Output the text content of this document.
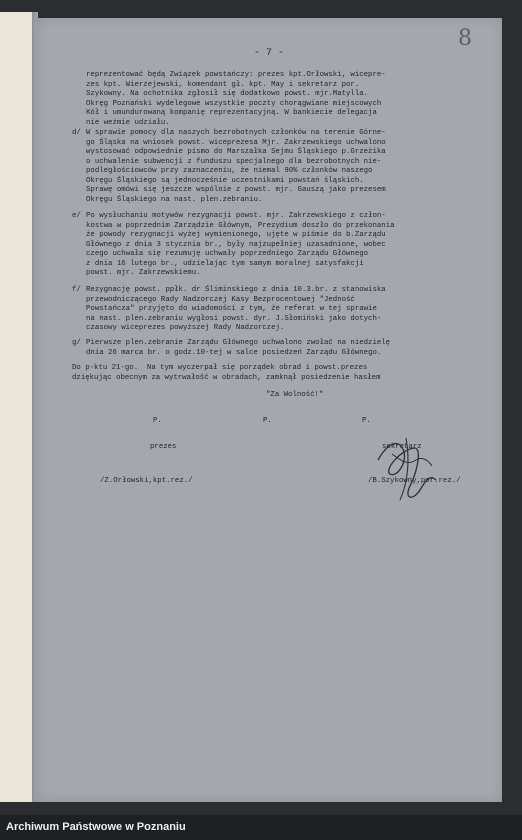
- 7 -
8
reprezentować będą Związek powstańczy: prezes kpt.Orłowski, wicepre-
zes kpt. Wierzejewski, komendant gł. kpt. May i sekretarz por.
Szykowny. Na ochotnika zgłosił się dodatkowo powst. mjr.Matylla.
Okręg Poznański wydelegowe wszystkie poczty chorągwiane miejscowych
Kół i umundurowaną kompanię reprezentacyjną. W bankiecie delegacja
nie weźmie udziału.
d/ W sprawie pomocy dla naszych bezrobotnych członków na terenie Górne-
go Śląska na wniosek powst. wiceprezesa Mjr. Zakrzewskiego uchwalono
wystosować odpowiednie pismo do Marszałka Sejmu Śląskiego p.Grzeżika
o uchwalenie subwencji z funduszu specjalnego dla bezrobotnych nie-
podległościowców przy zaznaczeniu, że niemal 90% członków naszego
Okręgu Śląskiego są jednocześnie uczestnikami powstań śląskich.
Sprawę omówi się jeszcze wspólnie z powst. mjr. Gauszą jako prezesem
Okręgu Śląskiego na nast. plen.zebraniu.
e/ Po wysłuchaniu motywów rezygnacji powst. mjr. Zakrzewskiego z człon-
kostwa w poprzednim Zarządzie Głównym, Prezydium doszło do przekonania
że powody rezygnacji wyżej wymienionego, ujęte w piśmie do b.Zarządu
Głównego z dnia 3 stycznia br., były najzupełniej uzasadnione, wobec
czego uchwała się rezumuję uchwały poprzedniego Zarządu Głównego
z dnia 16 lutego br., udzielając tym samym moralnej satysfakcji
powst. mjr. Zakrzewskiemu.
f/ Rezygnację powst. ppłk. dr Śliminskiego z dnia 10.3.br. z stanowiska
przewodniczącego Rady Nadzorczej Kasy Bezprocentowej "Jedność
Powstańcza" przyjęto do wiadomości z tym, że referat w tej sprawie
na nast. plen.zebraniu wygłosi powst. dyr. J.Słomiński jako dotych-
czasowy wiceprezes powyższej Rady Nadzorczej.
g/ Pierwsze plen.zebranie Zarządu Głównego uchwalono zwołać na niedzielę
dnia 26 marca br. o godz.10-tej w salce posiedzeń Zarządu Głównego.
Do p-ktu 21-go.  Na tym wyczerpał się porządek obrad i powst.prezes
dziękując obecnym za wytrwałość w obradach, zamknął posiedzenie hasłem
"Za Wolność!"
P.	P.	P.
prezes	sekretarz
/Z.Orłowski,kpt.rez./	/B.Szykowny,por.rez./
Archiwum Państwowe w Poznaniu
